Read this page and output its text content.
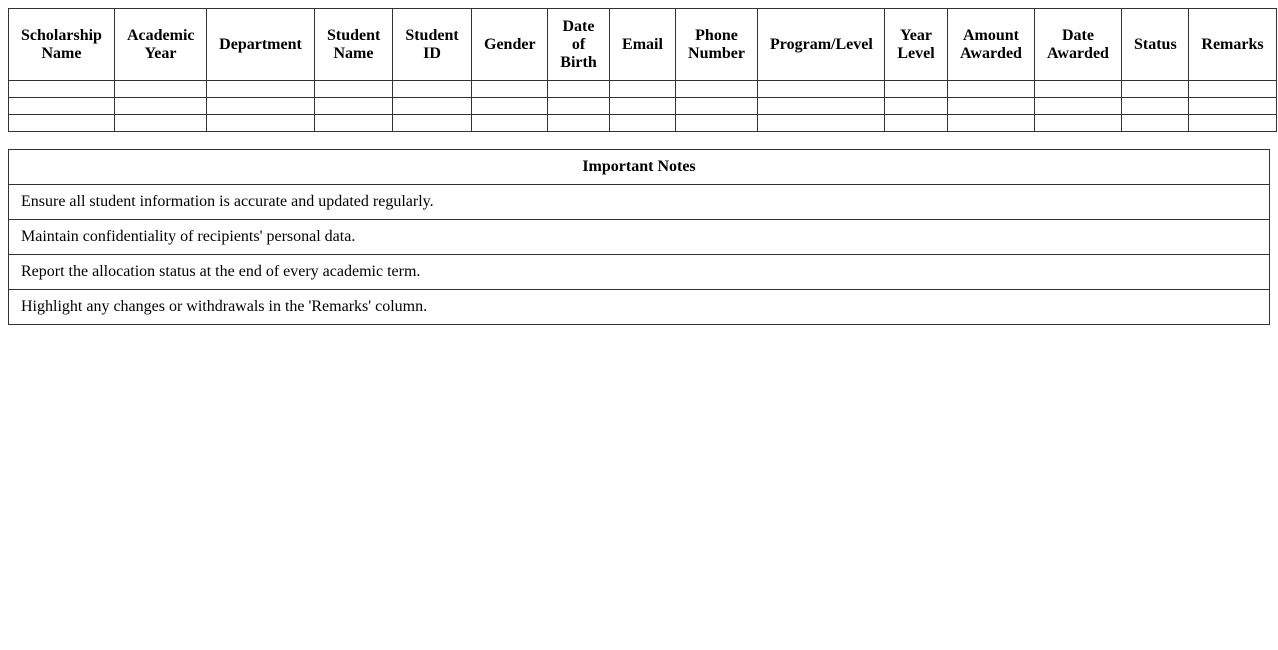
Scholarship Name	Academic Year	Department	Student Name	Student ID	Gender	Date of Birth	Email	Phone Number	Program/Level	Year Level	Amount Awarded	Date Awarded	Status	Remarks

Important Notes
Ensure all student information is accurate and updated regularly.
Maintain confidentiality of recipients' personal data.
Report the allocation status at the end of every academic term.
Highlight any changes or withdrawals in the 'Remarks' column.
